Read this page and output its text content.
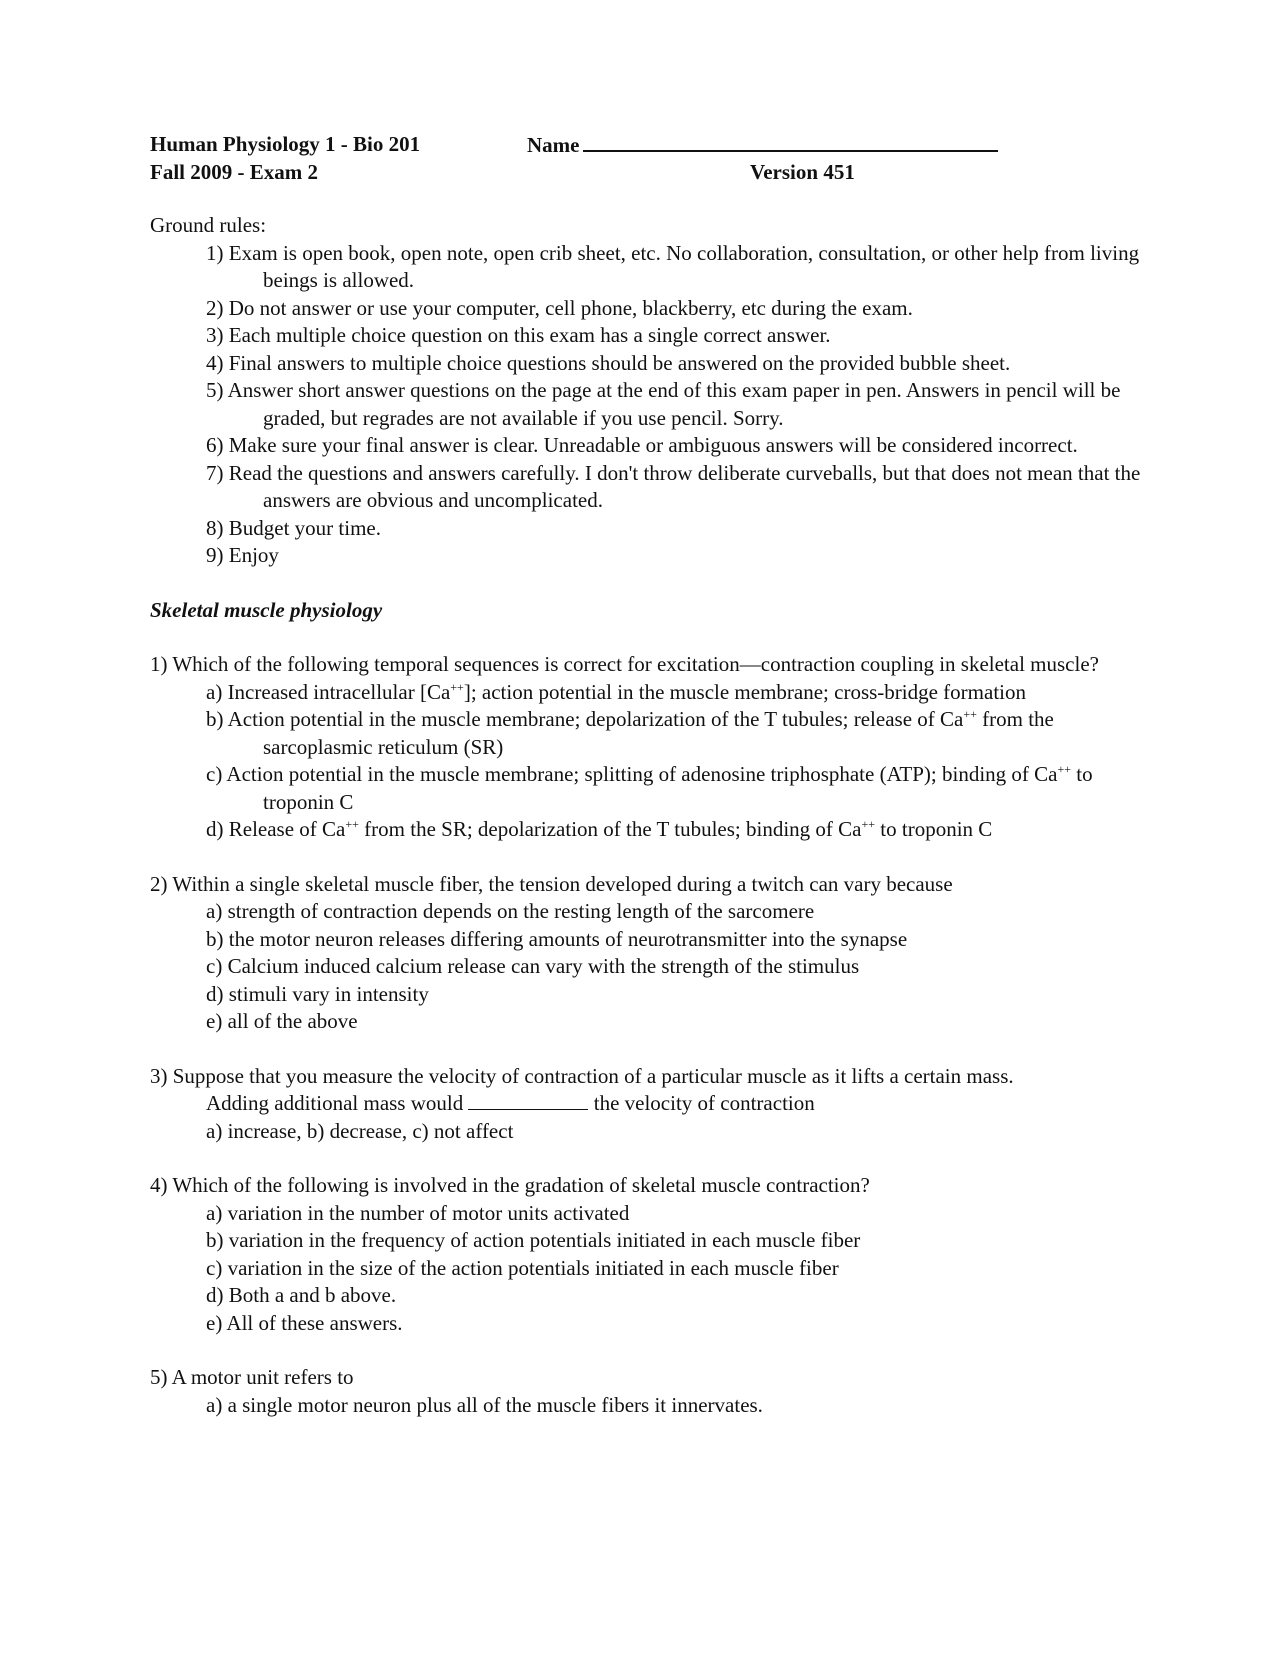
Human Physiology 1 - Bio 201
Fall 2009 - Exam 2
Name
Version 451
Ground rules:
1) Exam is open book, open note, open crib sheet, etc. No collaboration, consultation, or other help from living beings is allowed.
2) Do not answer or use your computer, cell phone, blackberry, etc during the exam.
3) Each multiple choice question on this exam has a single correct answer.
4) Final answers to multiple choice questions should be answered on the provided bubble sheet.
5) Answer short answer questions on the page at the end of this exam paper in pen. Answers in pencil will be graded, but regrades are not available if you use pencil. Sorry.
6) Make sure your final answer is clear. Unreadable or ambiguous answers will be considered incorrect.
7) Read the questions and answers carefully. I don't throw deliberate curveballs, but that does not mean that the answers are obvious and uncomplicated.
8) Budget your time.
9) Enjoy
Skeletal muscle physiology
1) Which of the following temporal sequences is correct for excitation—contraction coupling in skeletal muscle?
a) Increased intracellular [Ca++]; action potential in the muscle membrane; cross-bridge formation
b) Action potential in the muscle membrane; depolarization of the T tubules; release of Ca++ from the sarcoplasmic reticulum (SR)
c) Action potential in the muscle membrane; splitting of adenosine triphosphate (ATP); binding of Ca++ to troponin C
d) Release of Ca++ from the SR; depolarization of the T tubules; binding of Ca++ to troponin C
2) Within a single skeletal muscle fiber, the tension developed during a twitch can vary because
a) strength of contraction depends on the resting length of the sarcomere
b) the motor neuron releases differing amounts of neurotransmitter into the synapse
c) Calcium induced calcium release can vary with the strength of the stimulus
d) stimuli vary in intensity
e) all of the above
3) Suppose that you measure the velocity of contraction of a particular muscle as it lifts a certain mass.
Adding additional mass would	the velocity of contraction
a) increase, b) decrease, c) not affect
4) Which of the following is involved in the gradation of skeletal muscle contraction?
a) variation in the number of motor units activated
b) variation in the frequency of action potentials initiated in each muscle fiber
c) variation in the size of the action potentials initiated in each muscle fiber
d) Both a and b above.
e) All of these answers.
5) A motor unit refers to
a) a single motor neuron plus all of the muscle fibers it innervates.
